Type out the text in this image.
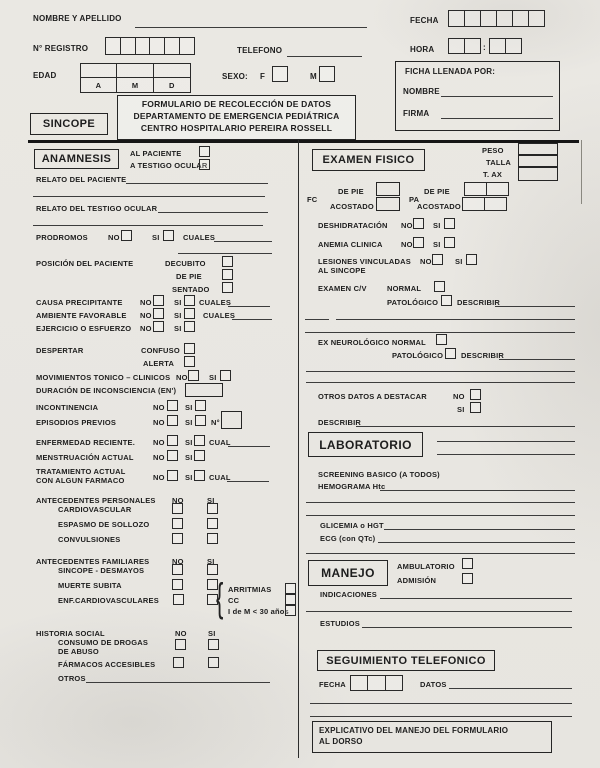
NOMBRE Y APELLIDO	FECHA
N° REGISTRO	TELEFONO	HORA	:
EDAD
A	M	D
SEXO: F	M
FICHA LLENADA POR:
NOMBRE
FIRMA
FORMULARIO DE RECOLECCIÓN DE DATOS
DEPARTAMENTO DE EMERGENCIA PEDIÁTRICA
CENTRO HOSPITALARIO PEREIRA ROSSELL
SINCOPE
ANAMNESIS	AL PACIENTE
A TESTIGO OCULAR
RELATO DEL PACIENTE
RELATO DEL TESTIGO OCULAR
PRODROMOS	NO	SI	CUALES
POSICIÓN DEL PACIENTE	DECUBITO
DE PIE
SENTADO
CAUSA PRECIPITANTE NO	SI CUALES
AMBIENTE FAVORABLE NO	SI	CUALES
EJERCICIO O ESFUERZO NO	SI
DESPERTAR	CONFUSO
ALERTA
MOVIMIENTOS TONICO – CLINICOS NO	SI
DURACIÓN DE INCONSCIENCIA (EN')
INCONTINENCIA	NO	SI
EPISODIOS PREVIOS	NO	SI N°
ENFERMEDAD RECIENTE. NO	SI CUAL
MENSTRUACIÓN ACTUAL	NO	SI
TRATAMIENTO ACTUAL
CON ALGUN FARMACO	NO	SI CUAL
ANTECEDENTES PERSONALES NO	SI
CARDIOVASCULAR
ESPASMO DE SOLLOZO
CONVULSIONES
ANTECEDENTES FAMILIARES	NO	SI
SINCOPE - DESMAYOS
MUERTE SUBITA
ENF.CARDIOVASCULARES { ARRITMIAS
CC
I de M < 30 años
HISTORIA SOCIAL	NO	SI
CONSUMO DE DROGAS
DE ABUSO
FÁRMACOS ACCESIBLES
OTROS
EXAMEN FISICO
PESO
TALLA
T. AX
FC
DE PIE
ACOSTADO
PA
DE PIE
ACOSTADO
DESHIDRATACIÓN NO	SI
ANEMIA CLINICA NO	SI
LESIONES VINCULADAS
AL SINCOPE
NO	SI
EXAMEN C/V	NORMAL
PATOLÓGICO	DESCRIBIR
EX NEUROLÓGICO NORMAL
PATOLÓGICO DESCRIBIR
OTROS DATOS A DESTACAR	NO
SI
DESCRIBIR
LABORATORIO
SCREENING BASICO (A TODOS)
HEMOGRAMA Htc
GLICEMIA o HGT
ECG (con QTc)
MANEJO	AMBULATORIO
ADMISIÓN
INDICACIONES
ESTUDIOS
SEGUIMIENTO TELEFONICO
FECHA	DATOS
EXPLICATIVO DEL MANEJO DEL FORMULARIO
AL DORSO
